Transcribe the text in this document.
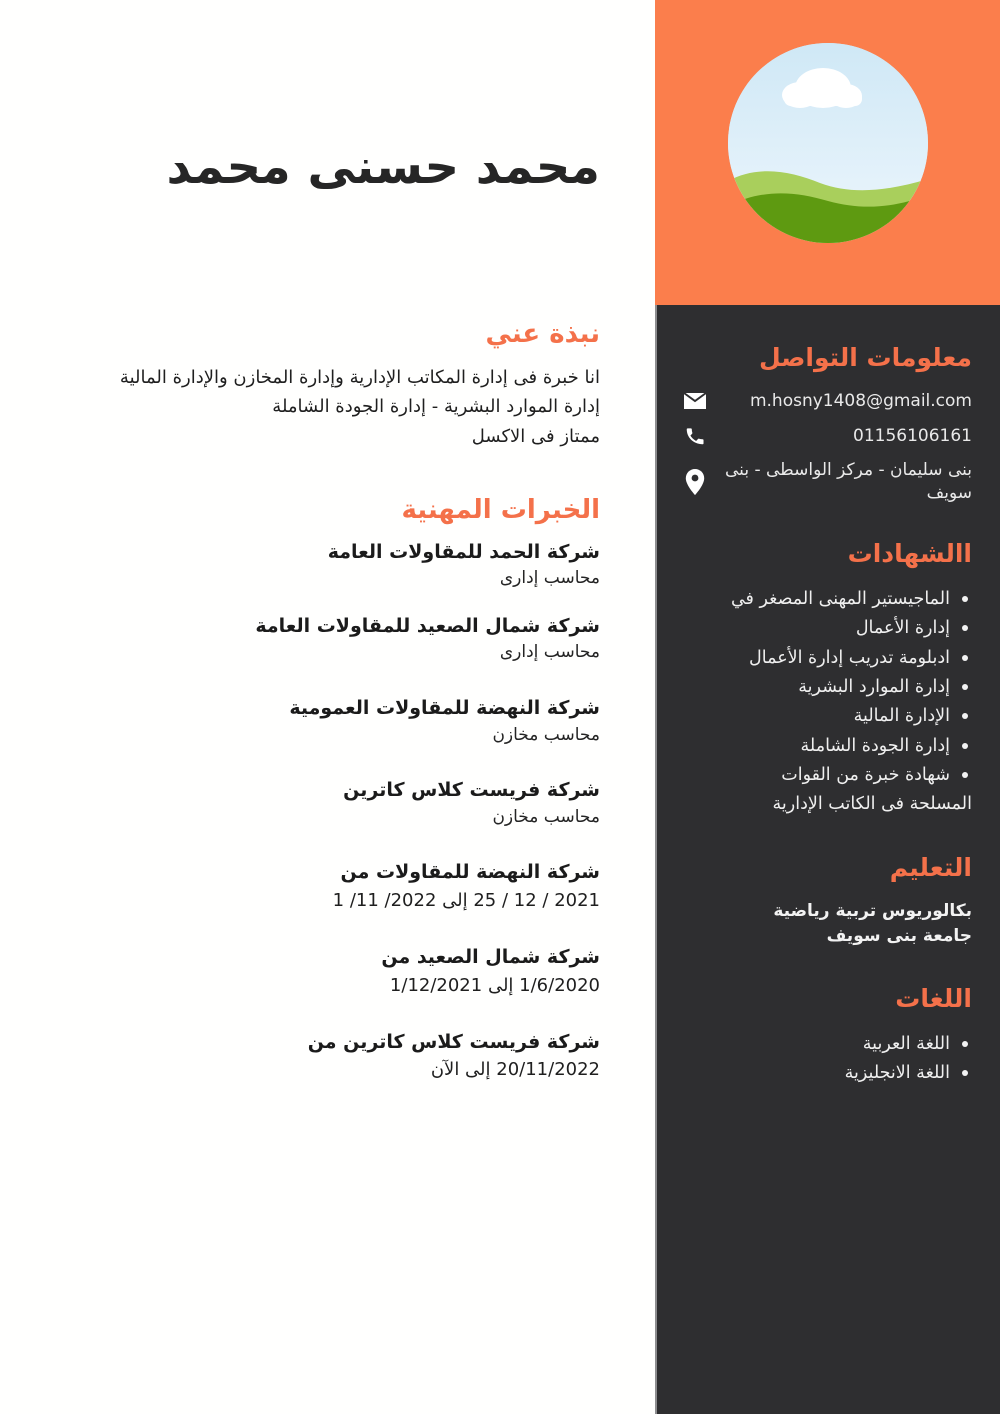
محمد حسنى محمد
نبذة عني
انا خبرة فى إدارة المكاتب الإدارية وإدارة المخازن والإدارة المالية
إدارة الموارد البشرية - إدارة الجودة الشاملة
ممتاز فى الاكسل
الخبرات المهنية
شركة الحمد للمقاولات العامة
محاسب إدارى
شركة شمال الصعيد للمقاولات العامة
محاسب إدارى
شركة النهضة للمقاولات العمومية
محاسب مخازن
شركة فريست كلاس كاترين
محاسب مخازن
شركة النهضة للمقاولات من
2021 / 12 / 25 إلى 2022/ 11/ 1
شركة شمال الصعيد من
1/6/2020 إلى 1/12/2021
شركة فريست كلاس كاترين من
20/11/2022 إلى الآن
معلومات التواصل
m.hosny1408@gmail.com
01156106161
بنى سليمان - مركز الواسطى - بنى سويف
االشهادات
الماجيستير المهنى المصغر في
إدارة الأعمال
ادبلومة تدريب إدارة الأعمال
إدارة الموارد البشرية
الإدارة المالية
إدارة الجودة الشاملة
شهادة خبرة من القوات
المسلحة فى الكاتب الإدارية
التعليم
بكالوريوس تربية رياضية
جامعة بنى سويف
اللغات
اللغة العربية
اللغة الانجليزية
